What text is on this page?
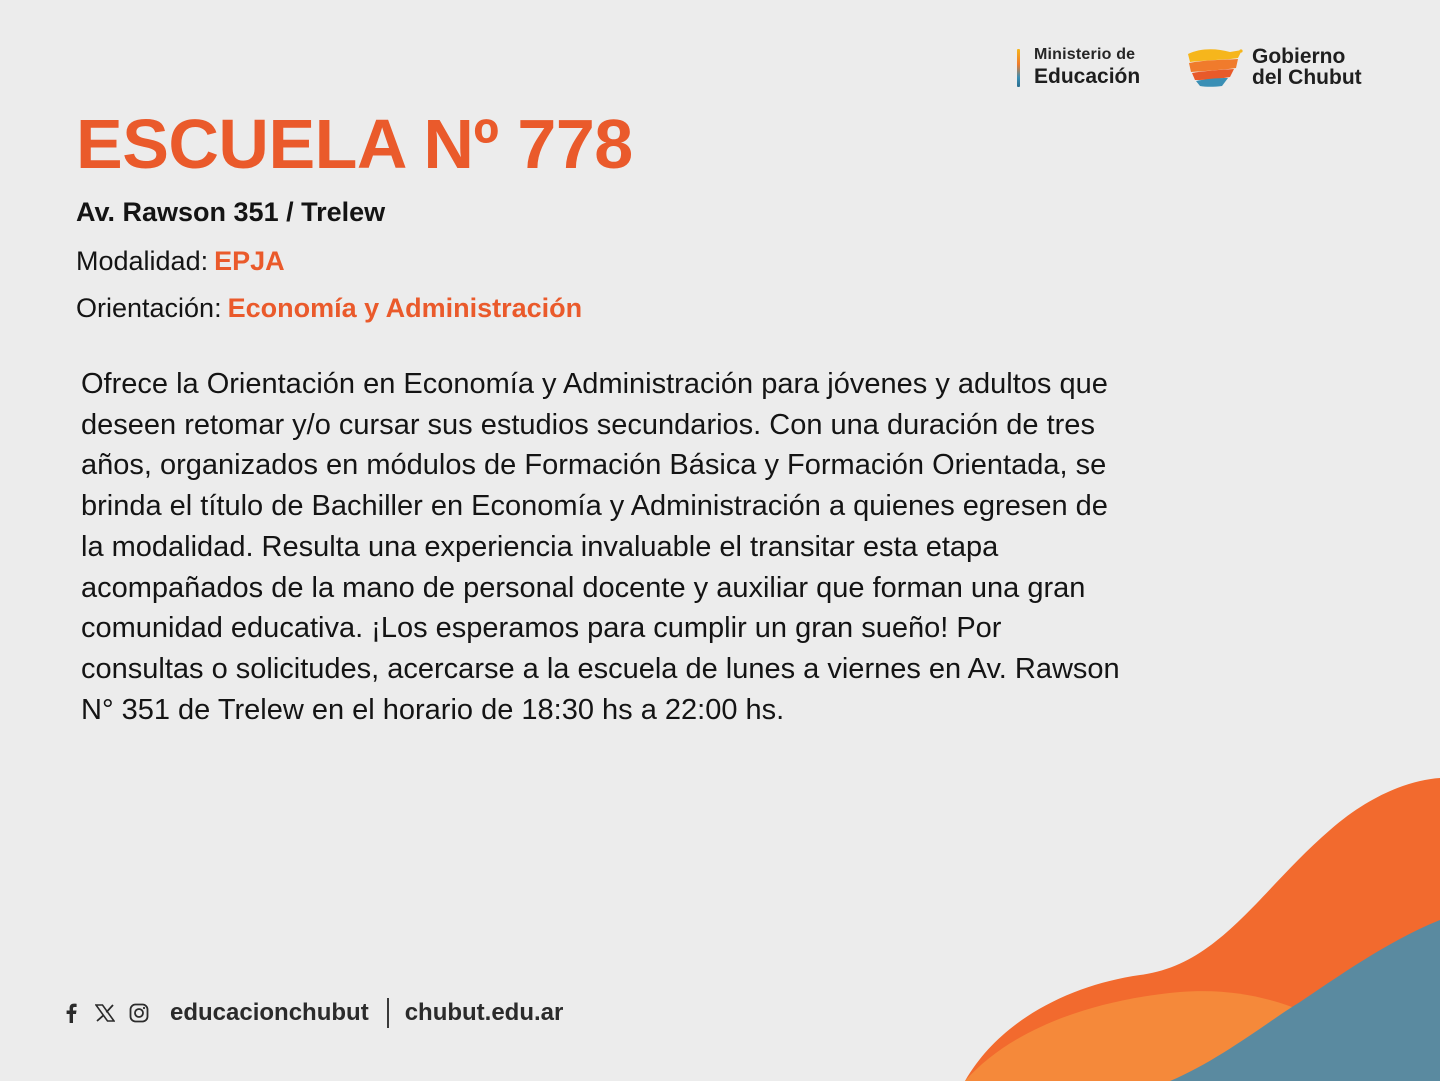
Ministerio de
Educación
Gobierno
del Chubut
ESCUELA Nº 778
Av. Rawson 351 / Trelew
Modalidad: EPJA
Orientación: Economía y Administración

Ofrece la Orientación en Economía y Administración para jóvenes y adultos que deseen retomar y/o cursar sus estudios secundarios. Con una duración de tres años, organizados en módulos de Formación Básica y Formación Orientada, se brinda el título de Bachiller en Economía y Administración a quienes egresen de la modalidad. Resulta una experiencia invaluable el transitar esta etapa acompañados de la mano de personal docente y auxiliar que forman una gran comunidad educativa. ¡Los esperamos para cumplir un gran sueño! Por consultas o solicitudes, acercarse a la escuela de lunes a viernes en Av. Rawson N° 351 de Trelew en el horario de 18:30 hs a 22:00 hs.

educacionchubut chubut.edu.ar
